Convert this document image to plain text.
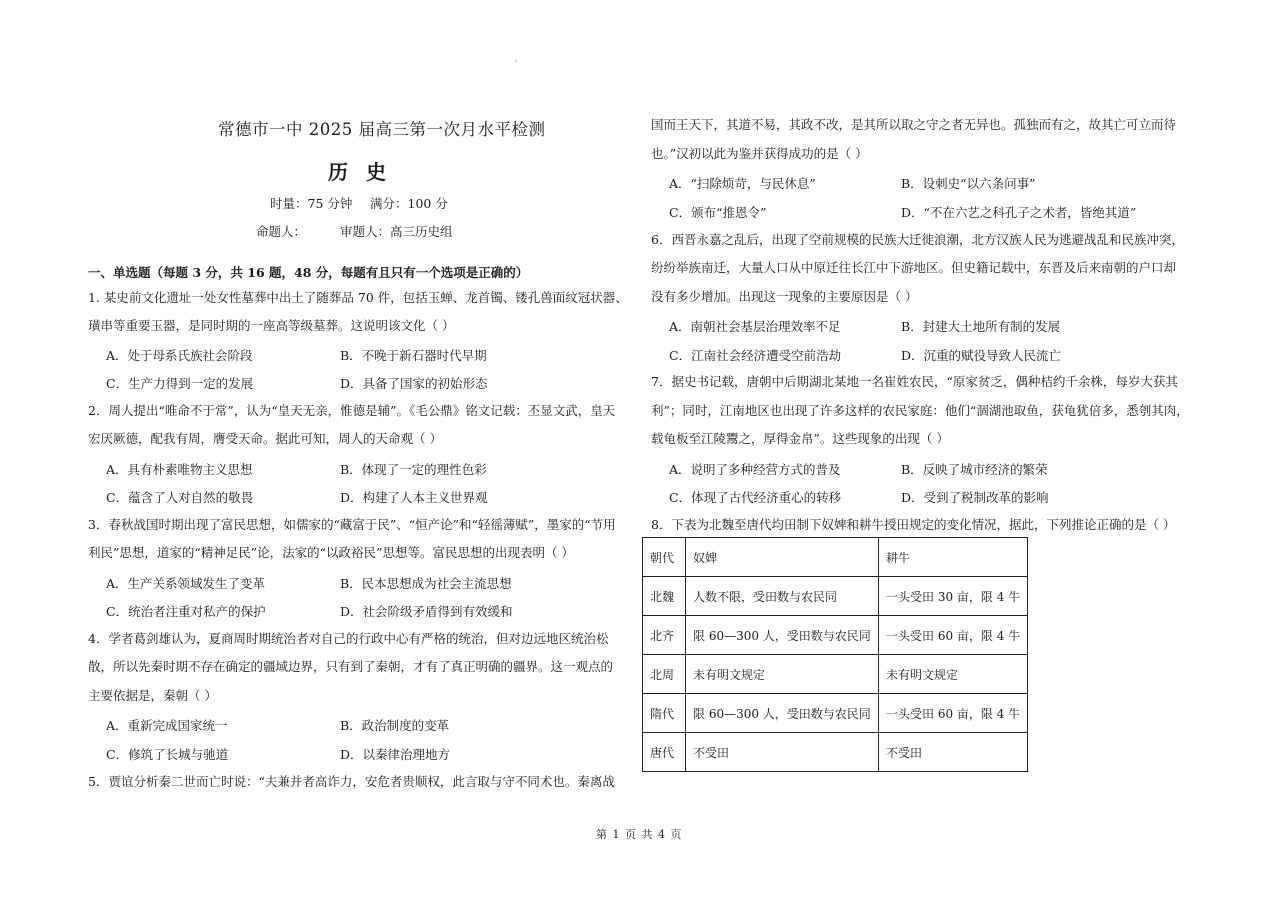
常德市一中 2025 届高三第一次月水平检测
历史
时量：75 分钟 满分：100 分
命题人：	审题人：高三历史组
一、单选题（每题 3 分，共 16 题，48 分，每题有且只有一个选项是正确的）
1. 某史前文化遗址一处女性墓葬中出土了随葬品 70 件，包括玉蝉、龙首镯、镂孔兽面纹冠状器、
璜串等重要玉器，是同时期的一座高等级墓葬。这说明该文化（ ）
A．处于母系氏族社会阶段	B．不晚于新石器时代早期
C．生产力得到一定的发展	D．具备了国家的初始形态
2．周人提出“唯命不于常”，认为“皇天无亲，惟德是辅”。《毛公鼎》铭文记载：丕显文武，皇天
宏厌厥德，配我有周，膺受天命。据此可知，周人的天命观（ ）
A．具有朴素唯物主义思想	B．体现了一定的理性色彩
C．蕴含了人对自然的敬畏	D．构建了人本主义世界观
3．春秋战国时期出现了富民思想，如儒家的“藏富于民”、“恒产论”和“轻徭薄赋”，墨家的“节用
利民”思想，道家的“精神足民”论，法家的“以政裕民”思想等。富民思想的出现表明（ ）
A．生产关系领域发生了变革	B．民本思想成为社会主流思想
C．统治者注重对私产的保护	D．社会阶级矛盾得到有效缓和
4．学者葛剑雄认为，夏商周时期统治者对自己的行政中心有严格的统治，但对边远地区统治松
散，所以先秦时期不存在确定的疆域边界，只有到了秦朝，才有了真正明确的疆界。这一观点的
主要依据是，秦朝（ ）
A．重新完成国家统一	B．政治制度的变革
C．修筑了长城与驰道	D．以秦律治理地方
5．贾谊分析秦二世而亡时说：“夫兼并者高诈力，安危者贵顺权，此言取与守不同术也。秦离战
国而王天下，其道不易，其政不改，是其所以取之守之者无异也。孤独而有之，故其亡可立而待
也。”汉初以此为鉴并获得成功的是（ ）
A．“扫除烦苛，与民休息”	B．设刺史“以六条问事”
C．颁布“推恩令”	D．“不在六艺之科孔子之术者，皆绝其道”
6．西晋永嘉之乱后，出现了空前规模的民族大迁徙浪潮，北方汉族人民为逃避战乱和民族冲突，
纷纷举族南迁，大量人口从中原迁往长江中下游地区。但史籍记载中，东晋及后来南朝的户口却
没有多少增加。出现这一现象的主要原因是（ ）
A．南朝社会基层治理效率不足	B．封建大土地所有制的发展
C．江南社会经济遭受空前浩劫	D．沉重的赋役导致人民流亡
7．据史书记载，唐朝中后期湖北某地一名崔姓农民，“原家贫乏，偶种桔约千余株，每岁大获其
利”；同时，江南地区也出现了许多这样的农民家庭：他们“涸湖池取鱼，获龟犹倍多，悉刳其肉，
载龟板至江陵鬻之，厚得金帛”。这些现象的出现（ ）
A．说明了多种经营方式的普及	B．反映了城市经济的繁荣
C．体现了古代经济重心的转移	D．受到了税制改革的影响
8．下表为北魏至唐代均田制下奴婢和耕牛授田规定的变化情况，据此，下列推论正确的是（ ）
朝代	奴婢	耕牛
北魏	人数不限，受田数与农民同	一头受田 30 亩，限 4 牛
北齐	限 60—300 人，受田数与农民同	一头受田 60 亩，限 4 牛
北周	未有明文规定	未有明文规定
隋代	限 60—300 人，受田数与农民同	一头受田 60 亩，限 4 牛
唐代	不受田	不受田
第 1 页 共 4 页
